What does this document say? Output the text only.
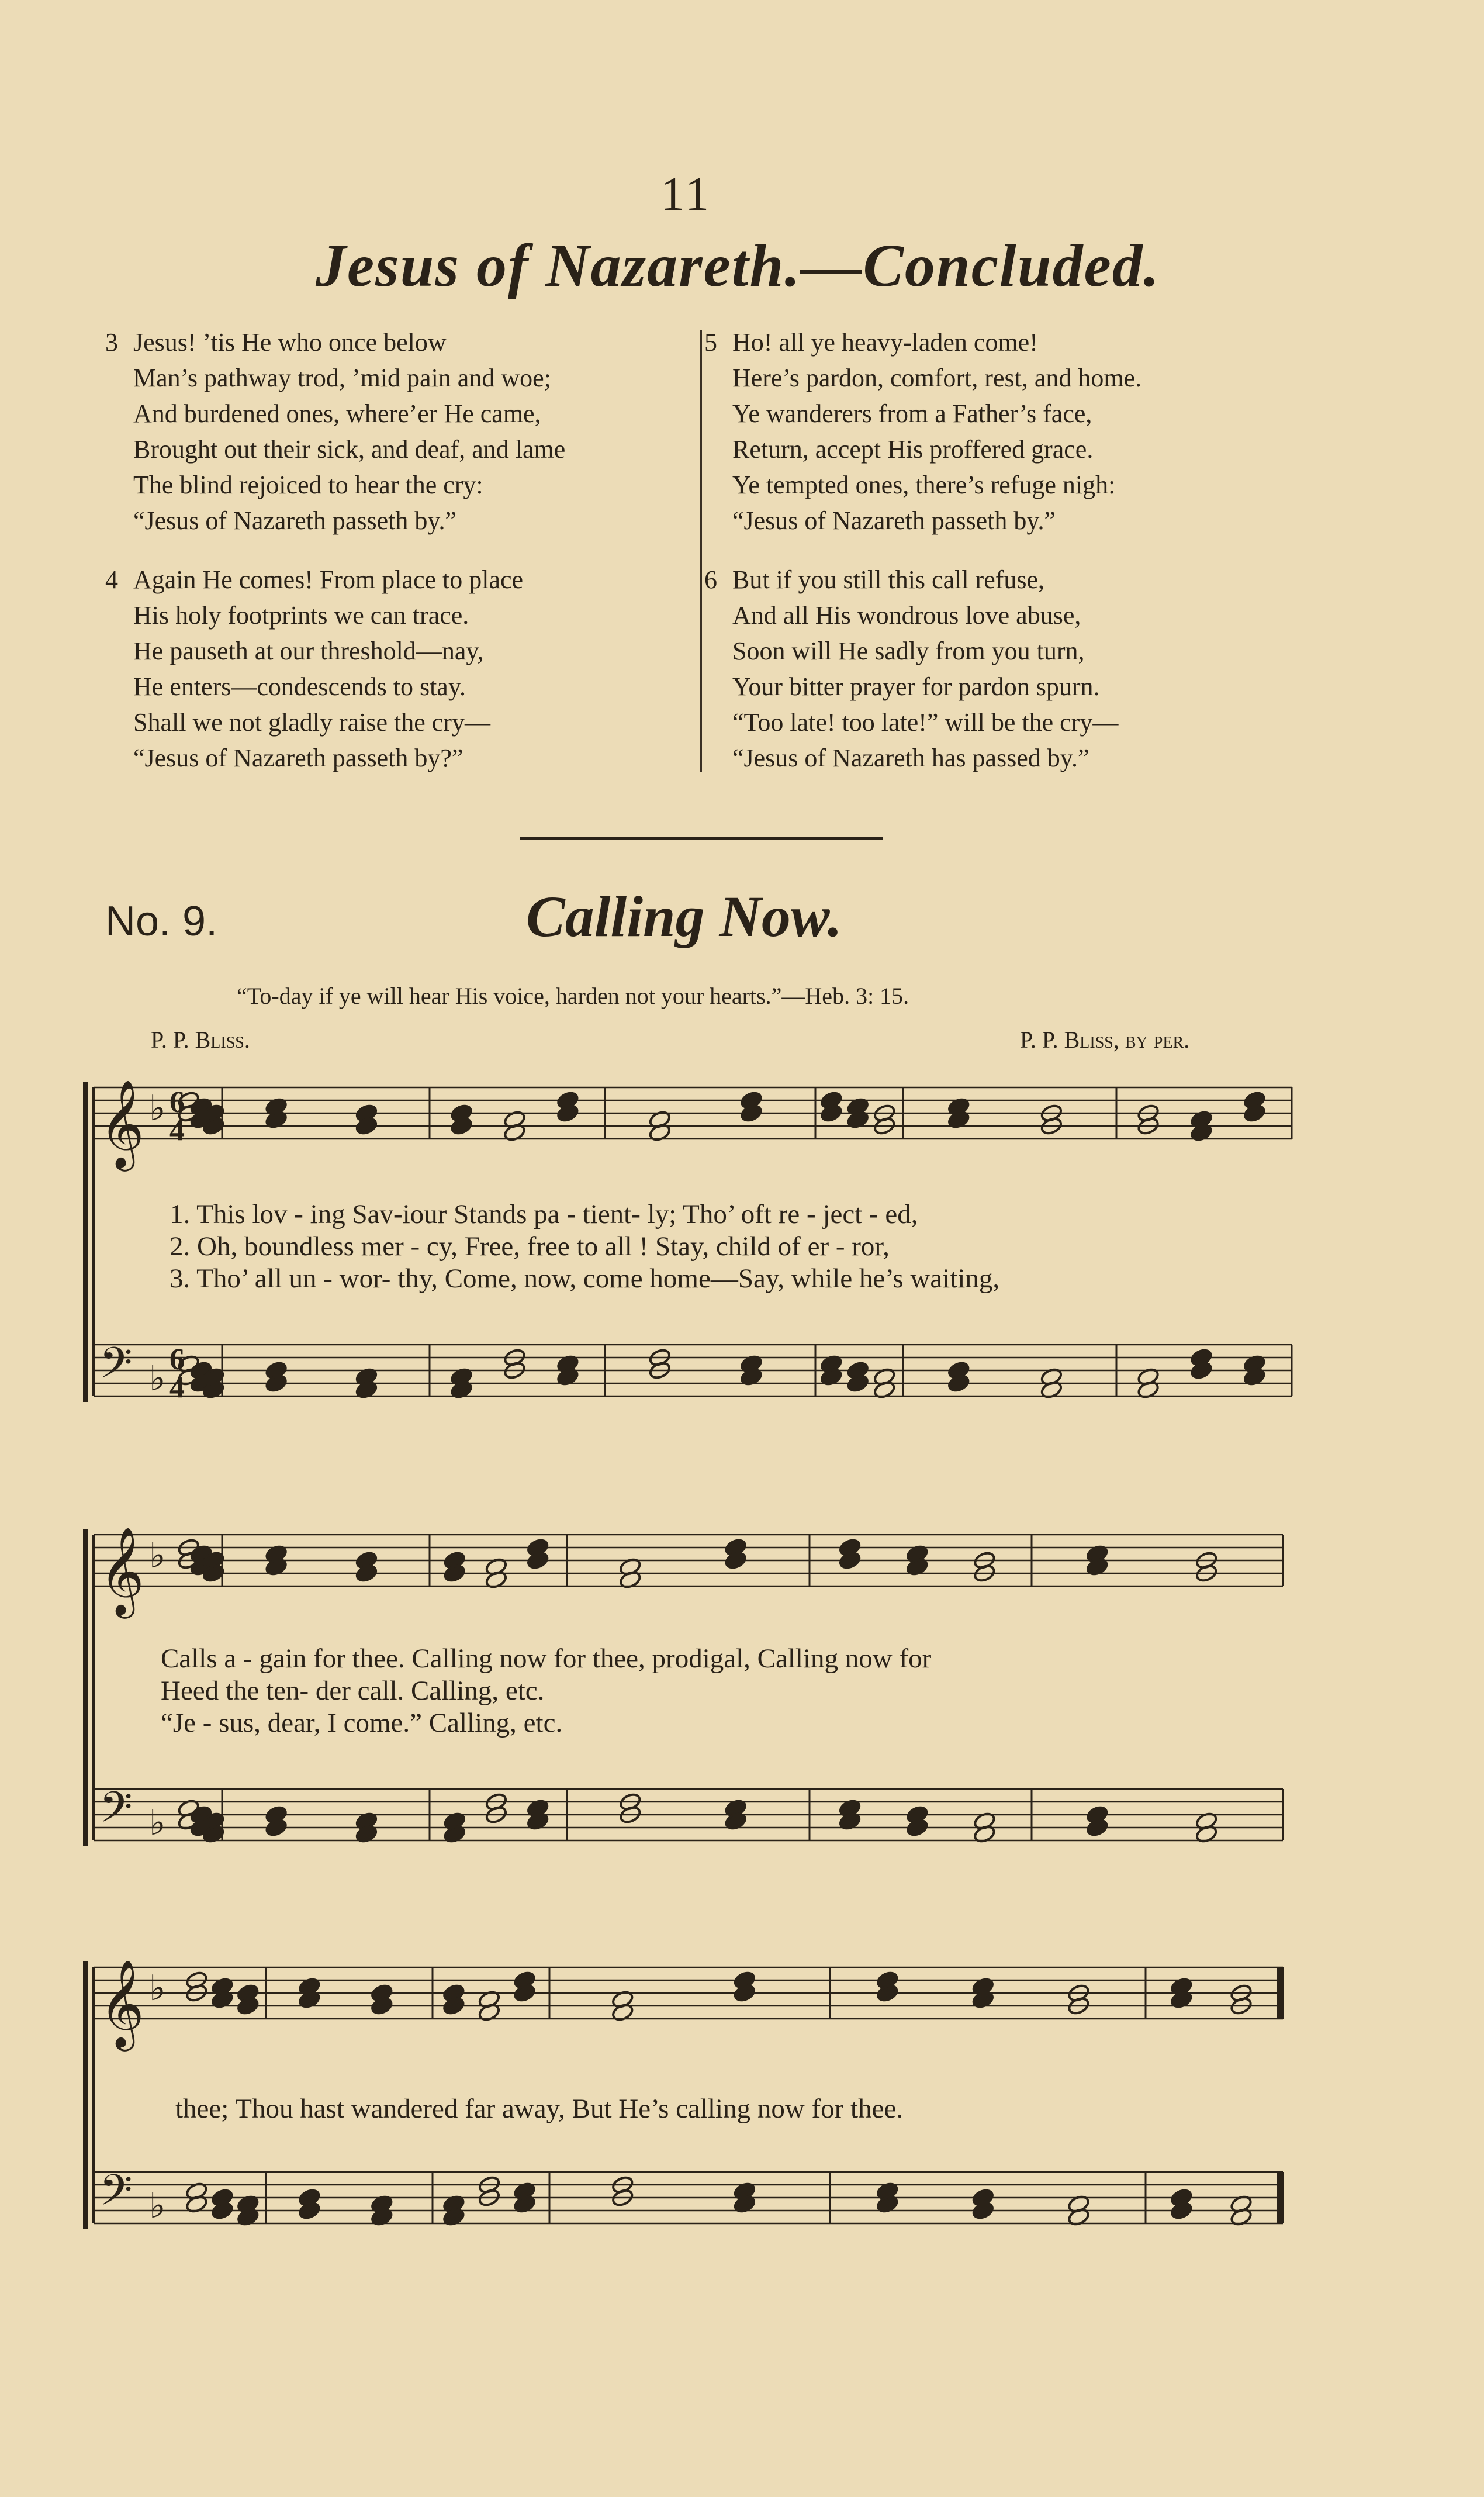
11
Jesus of Nazareth.—Concluded.
3 Jesus! ’tis He who once below
Man’s pathway trod, ’mid pain and woe;
And burdened ones, where’er He came,
Brought out their sick, and deaf, and lame
The blind rejoiced to hear the cry:
“Jesus of Nazareth passeth by.”
4 Again He comes! From place to place
His holy footprints we can trace.
He pauseth at our threshold—nay,
He enters—condescends to stay.
Shall we not gladly raise the cry—
“Jesus of Nazareth passeth by?”
5 Ho! all ye heavy-laden come!
Here’s pardon, comfort, rest, and home.
Ye wanderers from a Father’s face,
Return, accept His proffered grace.
Ye tempted ones, there’s refuge nigh:
“Jesus of Nazareth passeth by.”
6 But if you still this call refuse,
And all His wondrous love abuse,
Soon will He sadly from you turn,
Your bitter prayer for pardon spurn.
“Too late! too late!” will be the cry—
“Jesus of Nazareth has passed by.”
No. 9.	Calling Now.
“To-day if ye will hear His voice, harden not your hearts.”—Heb. 3: 15.
P. P. Bliss.	P. P. Bliss, by per.
𝄞 ♭
𝄢 ♭
𝄞 ♭
𝄢 ♭
𝄞 ♭
𝄢 ♭
6
4
6
4
1. This lov - ing Sav-iour Stands pa - tient- ly; Tho’ oft re - ject - ed,
2. Oh, boundless mer - cy, Free, free to all ! Stay, child of er - ror,
3. Tho’ all un - wor- thy, Come, now, come home—Say, while he’s waiting,
Calls a - gain for thee. Calling now for thee, prodigal, Calling now for
Heed the ten- der call. Calling, etc.
“Je - sus, dear, I come.” Calling, etc.
thee; Thou hast wandered far away, But He’s calling now for thee.
